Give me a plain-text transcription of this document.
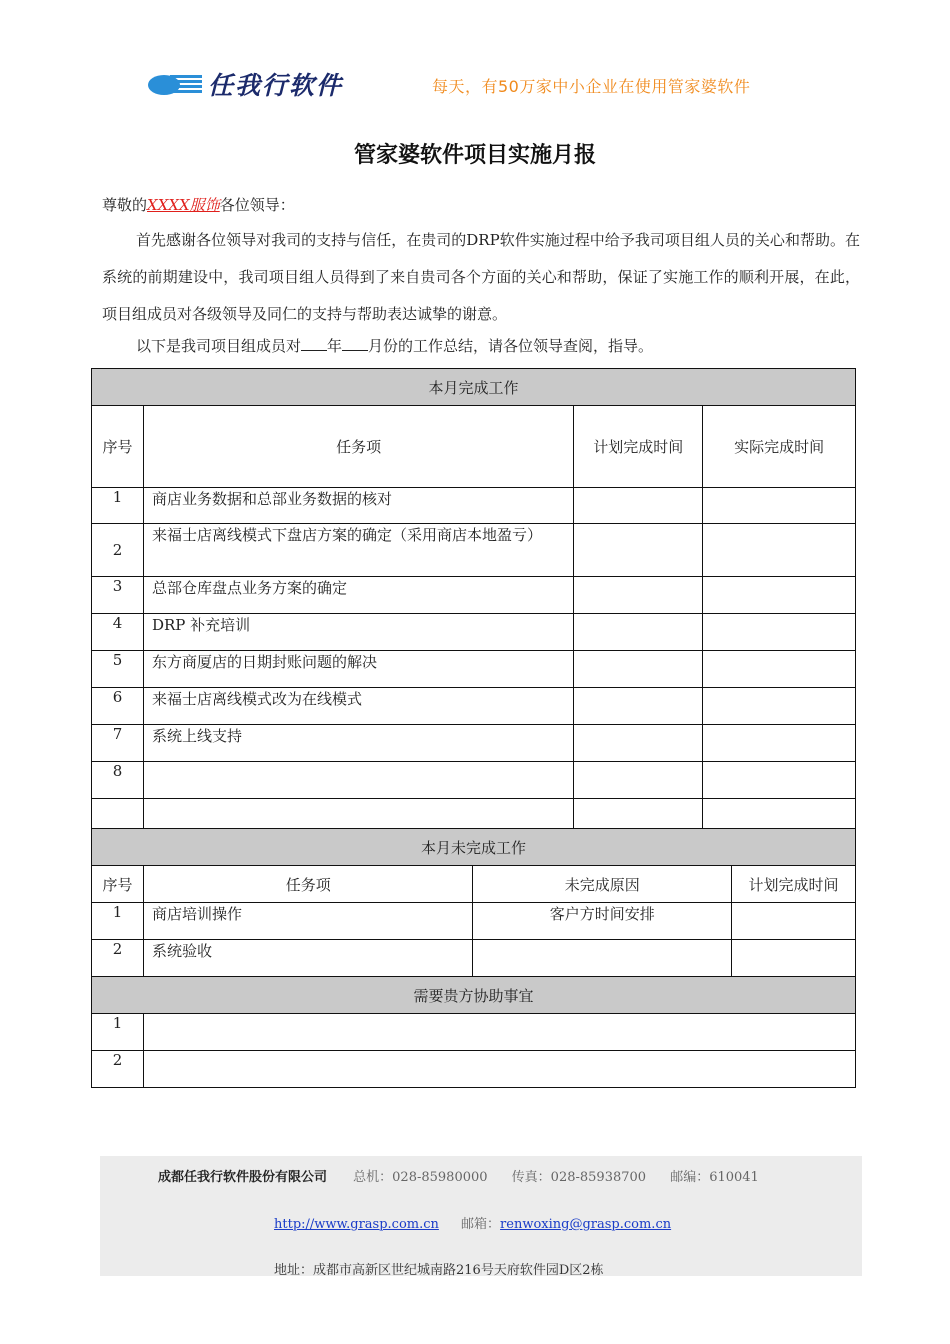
任我行软件	每天，有50万家中小企业在使用管家婆软件
管家婆软件项目实施月报
尊敬的XXXX服饰各位领导：
首先感谢各位领导对我司的支持与信任，在贵司的DRP软件实施过程中给予我司项目组人员的关心和帮助。在系统的前期建设中，我司项目组人员得到了来自贵司各个方面的关心和帮助，保证了实施工作的顺利开展，在此，项目组成员对各级领导及同仁的支持与帮助表达诚挚的谢意。
以下是我司项目组成员对 年 月份的工作总结，请各位领导查阅，指导。
本月完成工作					
序号	任务项		计划完成时间	实际完成时间	
1	商店业务数据和总部业务数据的核对				
2	来福士店离线模式下盘店方案的确定（采用商店本地盈亏）				
3	总部仓库盘点业务方案的确定				
4	DRP 补充培训				
5	东方商厦店的日期封账问题的解决				
6	来福士店离线模式改为在线模式				
7	系统上线支持				
8					

本月未完成工作					
序号	任务项	未完成原因			计划完成时间
1	商店培训操作	客户方时间安排			
2	系统验收				
需要贵方协助事宜					
1					
2					
成都任我行软件股份有限公司 总机：028-85980000 传真：028-85938700 邮编：610041
http://www.grasp.com.cn 邮箱：renwoxing@grasp.com.cn
地址：成都市高新区世纪城南路216号天府软件园D区2栋
